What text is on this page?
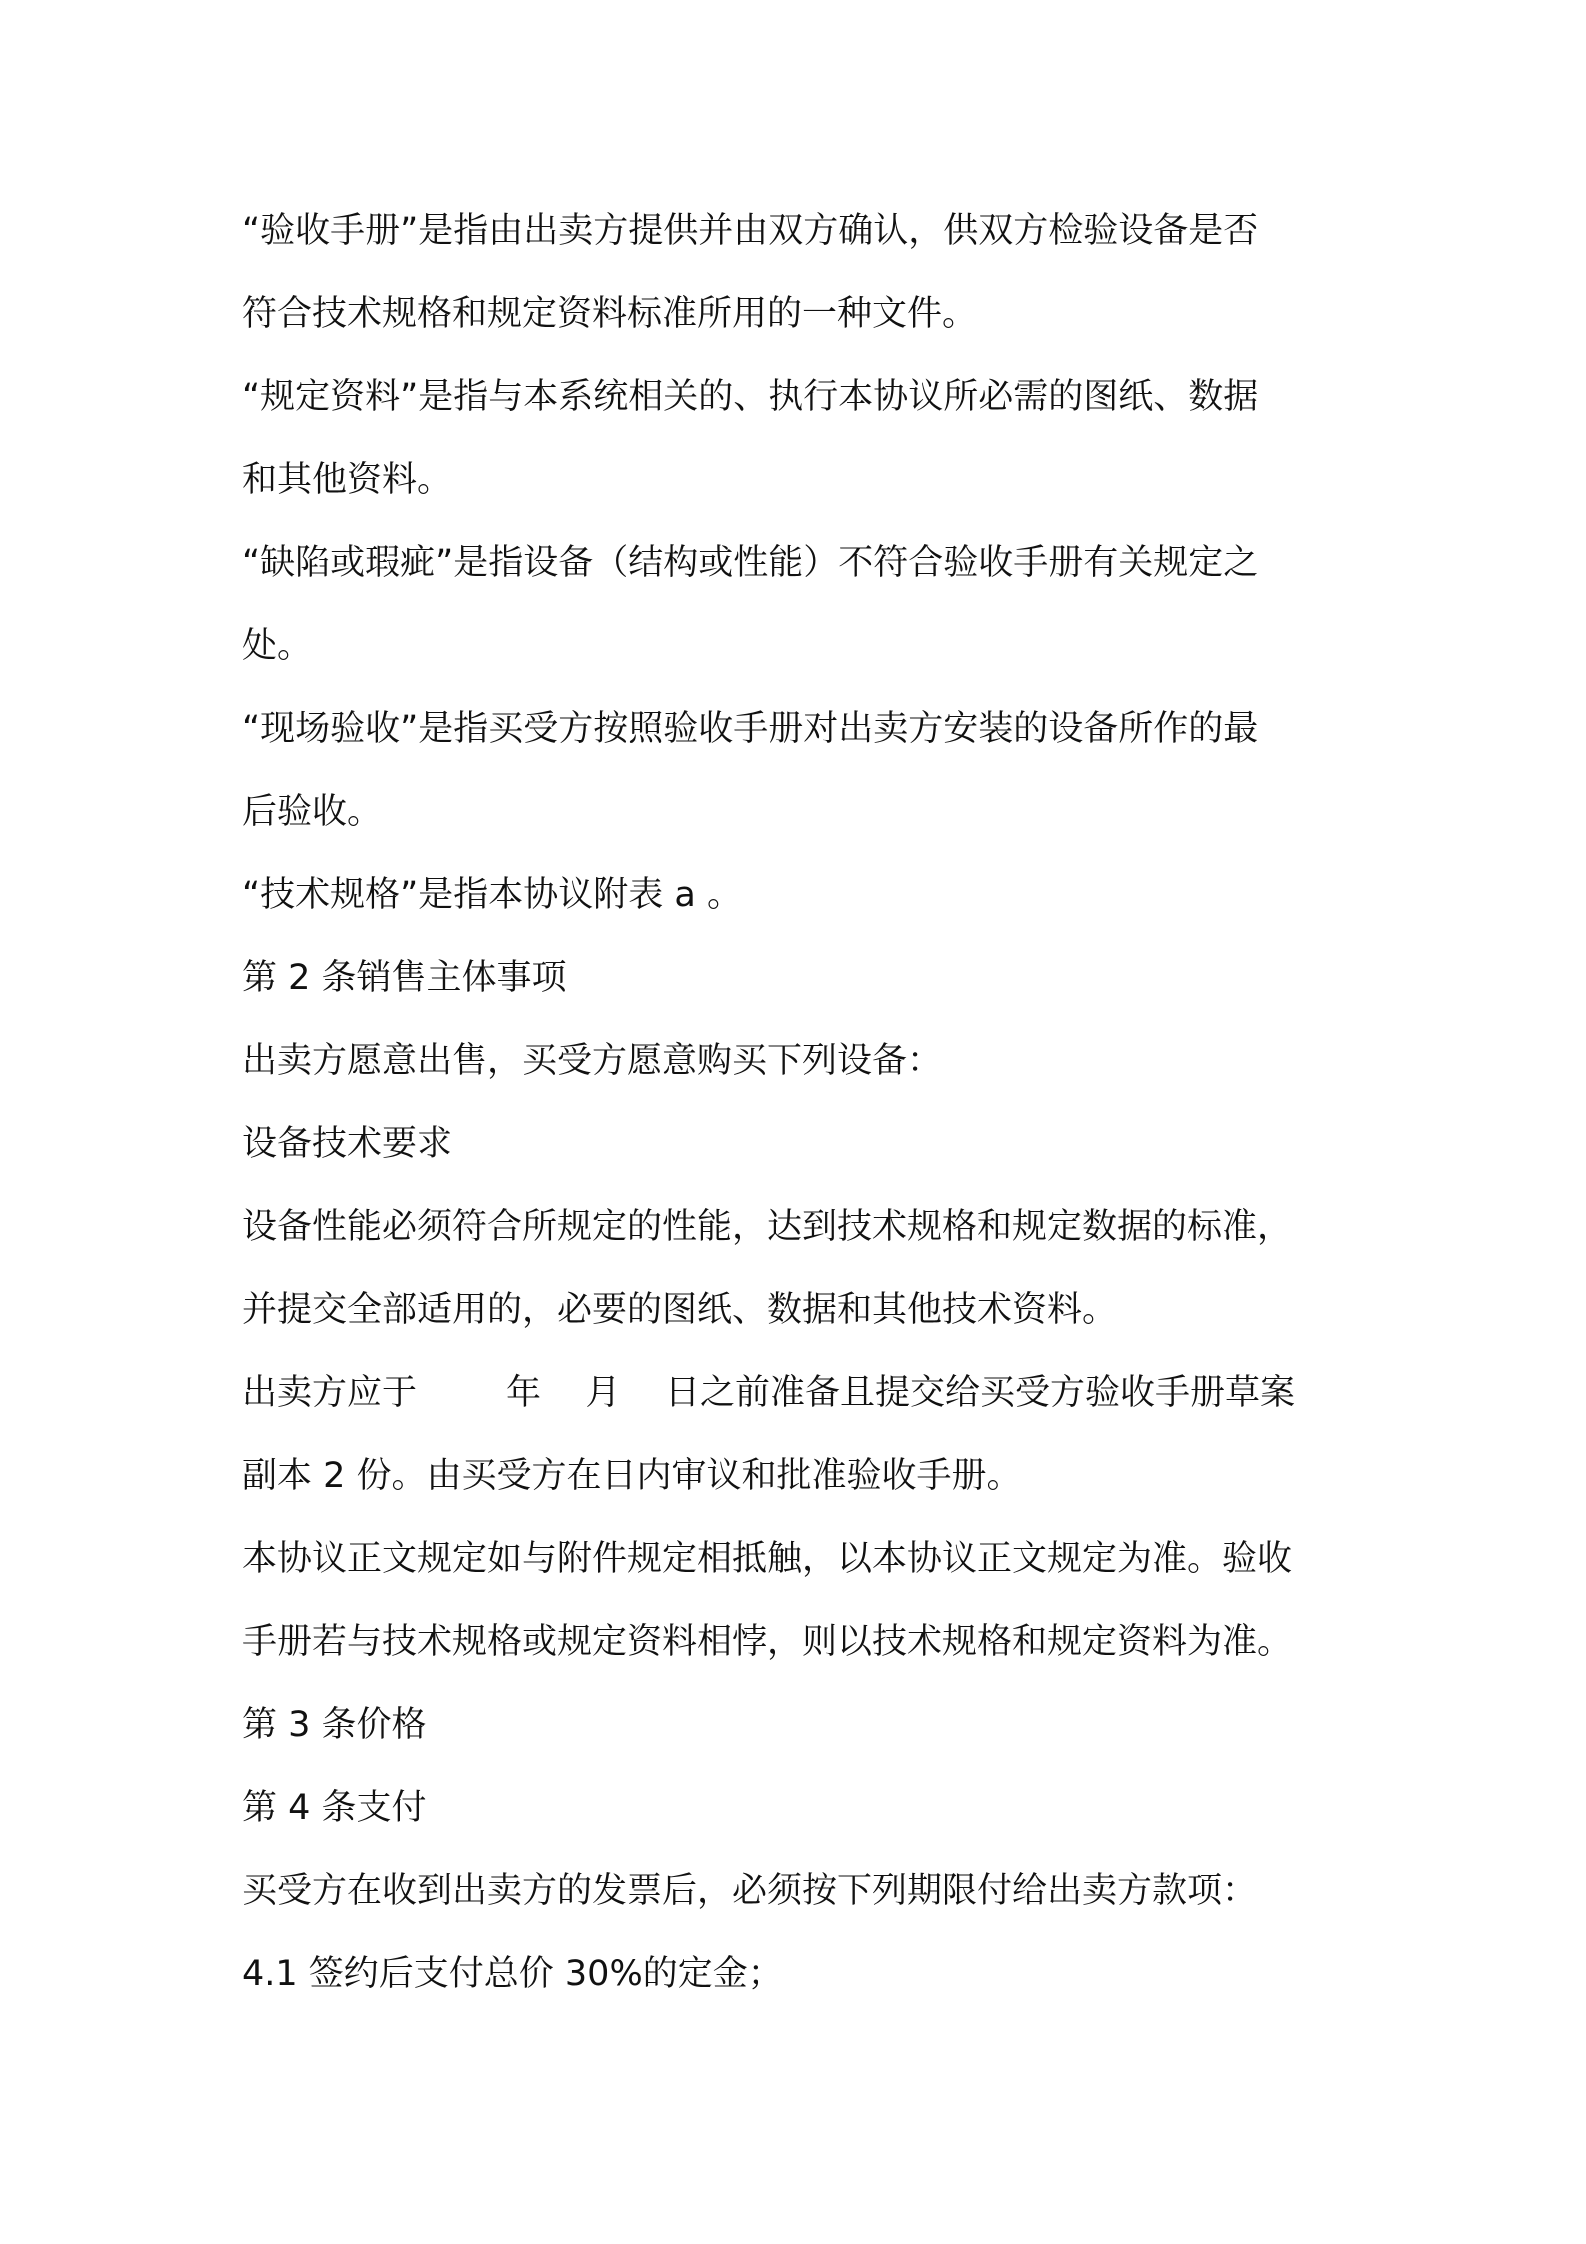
“验收手册”是指由出卖方提供并由双方确认，供双方检验设备是否
符合技术规格和规定资料标准所用的一种文件。
“规定资料”是指与本系统相关的、执行本协议所必需的图纸、数据
和其他资料。
“缺陷或瑕疵”是指设备（结构或性能）不符合验收手册有关规定之
处。
“现场验收”是指买受方按照验收手册对出卖方安装的设备所作的最
后验收。
“技术规格”是指本协议附表 a 。
第 2 条销售主体事项
出卖方愿意出售，买受方愿意购买下列设备：
设备技术要求
设备性能必须符合所规定的性能，达到技术规格和规定数据的标准，
并提交全部适用的，必要的图纸、数据和其他技术资料。
出卖方应于        年    月    日之前准备且提交给买受方验收手册草案
副本 2 份。由买受方在日内审议和批准验收手册。
本协议正文规定如与附件规定相抵触，以本协议正文规定为准。验收
手册若与技术规格或规定资料相悖，则以技术规格和规定资料为准。
第 3 条价格
第 4 条支付
买受方在收到出卖方的发票后，必须按下列期限付给出卖方款项：
4.1 签约后支付总价 30%的定金；
